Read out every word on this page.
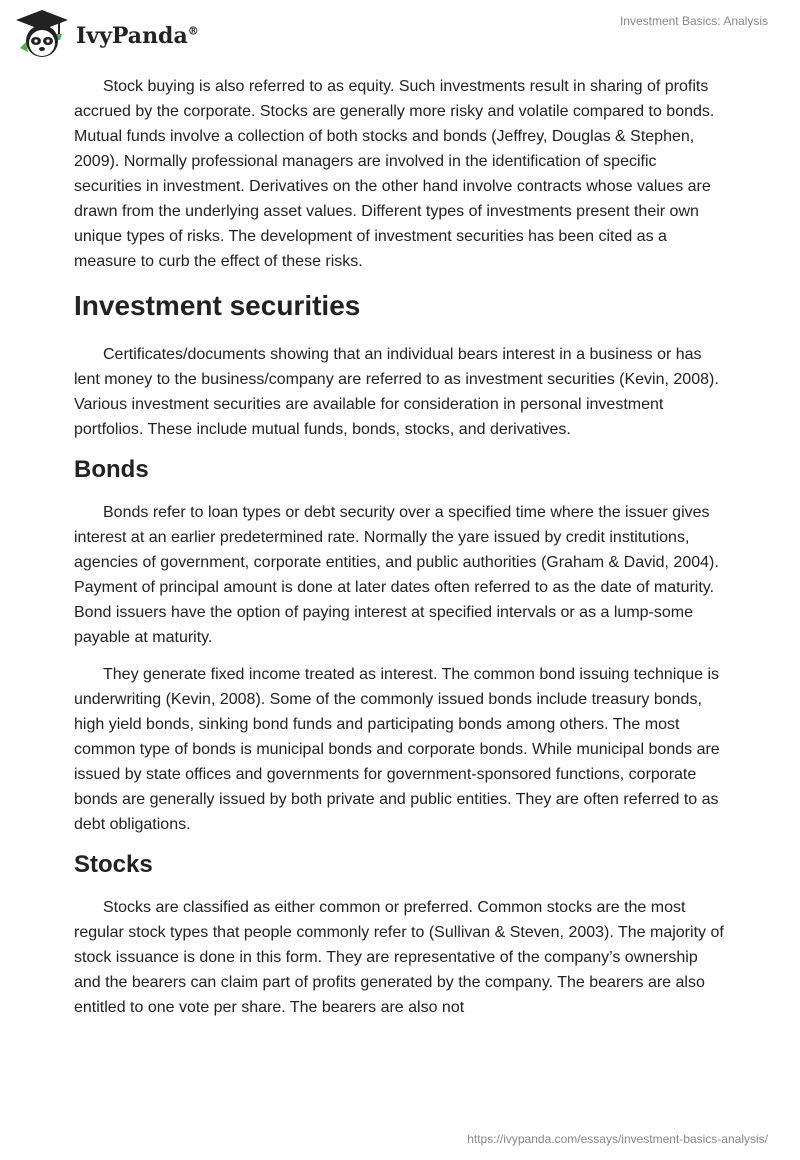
IvyPanda®
Investment Basics: Analysis

Stock buying is also referred to as equity. Such investments result in sharing of profits accrued by the corporate. Stocks are generally more risky and volatile compared to bonds. Mutual funds involve a collection of both stocks and bonds (Jeffrey, Douglas & Stephen, 2009). Normally professional managers are involved in the identification of specific securities in investment. Derivatives on the other hand involve contracts whose values are drawn from the underlying asset values. Different types of investments present their own unique types of risks. The development of investment securities has been cited as a measure to curb the effect of these risks.

Investment securities

Certificates/documents showing that an individual bears interest in a business or has lent money to the business/company are referred to as investment securities (Kevin, 2008). Various investment securities are available for consideration in personal investment portfolios. These include mutual funds, bonds, stocks, and derivatives.

Bonds

Bonds refer to loan types or debt security over a specified time where the issuer gives interest at an earlier predetermined rate. Normally the yare issued by credit institutions, agencies of government, corporate entities, and public authorities (Graham & David, 2004). Payment of principal amount is done at later dates often referred to as the date of maturity. Bond issuers have the option of paying interest at specified intervals or as a lump-some payable at maturity.

They generate fixed income treated as interest. The common bond issuing technique is underwriting (Kevin, 2008). Some of the commonly issued bonds include treasury bonds, high yield bonds, sinking bond funds and participating bonds among others. The most common type of bonds is municipal bonds and corporate bonds. While municipal bonds are issued by state offices and governments for government-sponsored functions, corporate bonds are generally issued by both private and public entities. They are often referred to as debt obligations.

Stocks

Stocks are classified as either common or preferred. Common stocks are the most regular stock types that people commonly refer to (Sullivan & Steven, 2003). The majority of stock issuance is done in this form. They are representative of the company’s ownership and the bearers can claim part of profits generated by the company. The bearers are also entitled to one vote per share. The bearers are also not

https://ivypanda.com/essays/investment-basics-analysis/
